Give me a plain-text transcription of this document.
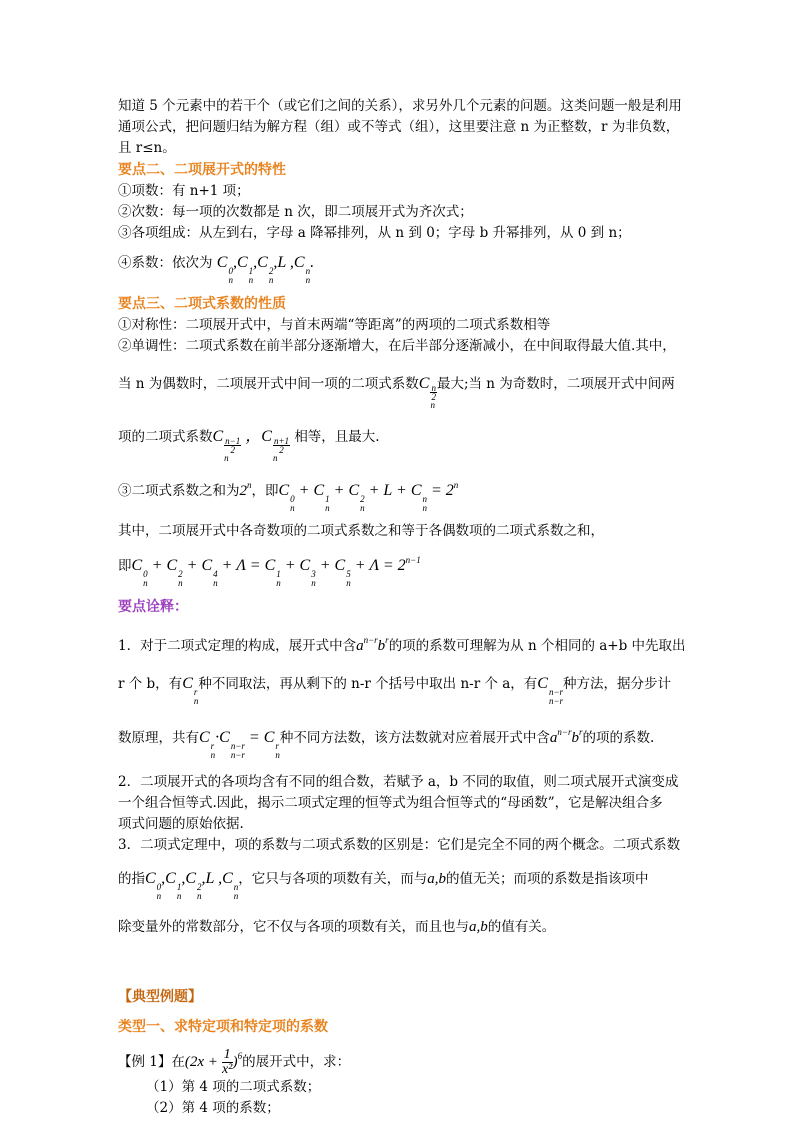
知道 5 个元素中的若干个（或它们之间的关系），求另外几个元素的问题。这类问题一般是利用

通项公式，把问题归结为解方程（组）或不等式（组），这里要注意 n 为正整数，r 为非负数，

且 r≤n。

要点二、二项展开式的特性

①项数：有 n+1 项；

②次数：每一项的次数都是 n 次，即二项展开式为齐次式；

③各项组成：从左到右，字母 a 降幂排列，从 n 到 0；字母 b 升幂排列，从 0 到 n；

④系数：依次为 C 0
n
,C 1
n
,C 2
n
,L ,C n
n
.

要点三、二项式系数的性质

①对称性：二项展开式中，与首末两端“等距离”的两项的二项式系数相等

②单调性：二项式系数在前半部分逐渐增大，在后半部分逐渐减小，在中间取得最大值.其中，

当 n 为偶数时，二项展开式中间一项的二项式系数C
$\frac{n}{2}$
n
最大;当 n 为奇数时，二项展开式中间两

项的二项式系数C
$\frac{n-1}{2}$
n
，C
$\frac{n+1}{2}$
n
相等，且最大.

③二项式系数之和为2$^n$，即C 0
n
+ C 1
n
+ C 2
n
+ L + C n
n
= $2^n$

其中，二项展开式中各奇数项的二项式系数之和等于各偶数项的二项式系数之和，

即C 0
n
+ C 2
n
+ C 4
n
+ Λ = C 1
n
+ C 3
n
+ C 5
n
+ $\Lambda = 2^{n-1}$

要点诠释：

1．对于二项式定理的构成，展开式中含$a^{n-r}b^r$的项的系数可理解为从 n 个相同的 a+b 中先取出

r 个 b，有C r
n
种不同取法，再从剩下的 n-r 个括号中取出 n-r 个 a，有C n−r
n−r
种方法，据分步计

数原理，共有C r
n
·C n−r
n−r
= C r
n
种不同方法数，该方法数就对应着展开式中含$a^{n-r}b^r$的项的系数.

2．二项展开式的各项均含有不同的组合数，若赋予 a，b 不同的取值，则二项式展开式演变成

一个组合恒等式.因此，揭示二项式定理的恒等式为组合恒等式的“母函数”，它是解决组合多

项式问题的原始依据.

3．二项式定理中，项的系数与二项式系数的区别是：它们是完全不同的两个概念。二项式系数

的指C 0
n
,C 1
n
,C 2
n
,L ,C n
n
，它只与各项的项数有关，而与a,b的值无关；而项的系数是指该项中

除变量外的常数部分，它不仅与各项的项数有关，而且也与a,b的值有关。

【典型例题】
类型一、求特定项和特定项的系数

【例 1】在$(2x + \frac{1}{\text{x²}} )^6$的展开式中，求：

（1）第 4 项的二项式系数；

（2）第 4 项的系数；
